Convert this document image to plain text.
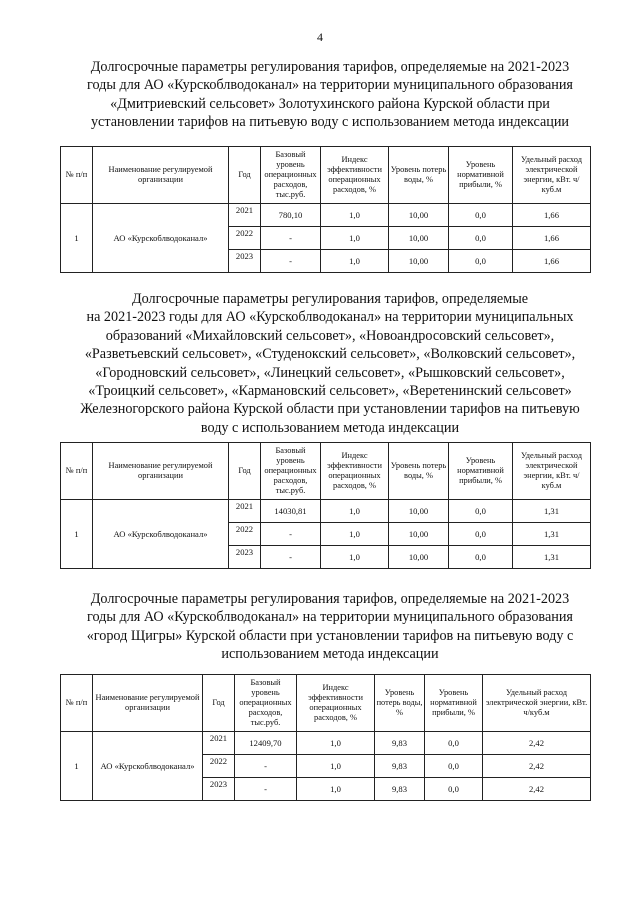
4
Долгосрочные параметры регулирования тарифов, определяемые на 2021-2023
годы для АО «Курскоблводоканал» на территории муниципального образования
«Дмитриевский сельсовет» Золотухинского района Курской области при
установлении тарифов на питьевую воду с использованием метода индексации
№ п/п	Наименование регулируемой организации	Год	Базовый уровень операционных расходов, тыс.руб.	Индекс эффективности операционных расходов, %	Уровень потерь воды, %	Уровень нормативной прибыли, %	Удельный расход электрической энергии, кВт. ч/куб.м
1	АО «Курскоблводоканал»	2021	780,10	1,0	10,00	0,0	1,66
		2022	-	1,0	10,00	0,0	1,66
		2023	-	1,0	10,00	0,0	1,66
Долгосрочные параметры регулирования тарифов, определяемые
на 2021-2023 годы для АО «Курскоблводоканал» на территории муниципальных
образований «Михайловский сельсовет», «Новоандросовский сельсовет»,
«Разветьевский сельсовет», «Студенокский сельсовет», «Волковский сельсовет»,
«Городновский сельсовет», «Линецкий сельсовет», «Рышковский сельсовет»,
«Троицкий сельсовет», «Кармановский сельсовет», «Веретенинский сельсовет»
Железногорского района Курской области при установлении тарифов на питьевую
воду с использованием метода индексации
№ п/п	Наименование регулируемой организации	Год	Базовый уровень операционных расходов, тыс.руб.	Индекс эффективности операционных расходов, %	Уровень потерь воды, %	Уровень нормативной прибыли, %	Удельный расход электрической энергии, кВт. ч/куб.м
1	АО «Курскоблводоканал»	2021	14030,81	1,0	10,00	0,0	1,31
		2022	-	1,0	10,00	0,0	1,31
		2023	-	1,0	10,00	0,0	1,31
Долгосрочные параметры регулирования тарифов, определяемые на 2021-2023
годы для АО «Курскоблводоканал» на территории муниципального образования
«город Щигры» Курской области при установлении тарифов на питьевую воду с
использованием метода индексации
№ п/п	Наименование регулируемой организации	Год	Базовый уровень операционных расходов, тыс.руб.	Индекс эффективности операционных расходов, %	Уровень потерь воды, %	Уровень нормативной прибыли, %	Удельный расход электрической энергии, кВт. ч/куб.м
1	АО «Курскоблводоканал»	2021	12409,70	1,0	9,83	0,0	2,42
		2022	-	1,0	9,83	0,0	2,42
		2023	-	1,0	9,83	0,0	2,42
